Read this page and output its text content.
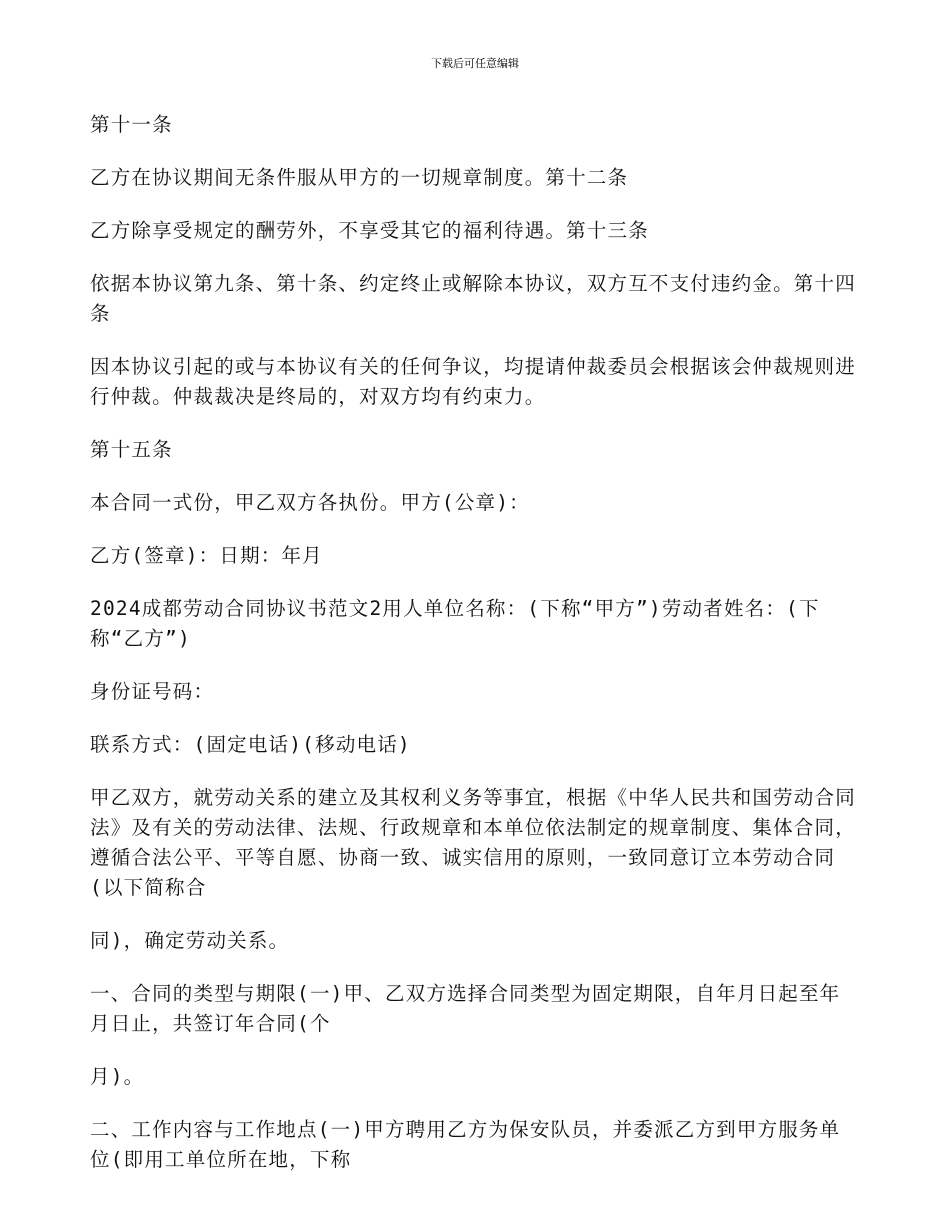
下载后可任意编辑

第十一条

乙方在协议期间无条件服从甲方的一切规章制度。第十二条

乙方除享受规定的酬劳外，不享受其它的福利待遇。第十三条

依据本协议第九条、第十条、约定终止或解除本协议，双方互不支付违约金。第十四条

因本协议引起的或与本协议有关的任何争议，均提请仲裁委员会根据该会仲裁规则进行仲裁。仲裁裁决是终局的，对双方均有约束力。

第十五条

本合同一式份，甲乙双方各执份。甲方(公章)：

乙方(签章)：日期：年月

2024成都劳动合同协议书范文2用人单位名称：(下称“甲方”)劳动者姓名：(下称“乙方”)

身份证号码：

联系方式：(固定电话)(移动电话)

甲乙双方，就劳动关系的建立及其权利义务等事宜，根据《中华人民共和国劳动合同法》及有关的劳动法律、法规、行政规章和本单位依法制定的规章制度、集体合同，遵循合法公平、平等自愿、协商一致、诚实信用的原则，一致同意订立本劳动合同(以下简称合

同)，确定劳动关系。

一、合同的类型与期限(一)甲、乙双方选择合同类型为固定期限，自年月日起至年月日止，共签订年合同(个

月)。

二、工作内容与工作地点(一)甲方聘用乙方为保安队员，并委派乙方到甲方服务单位(即用工单位所在地，下称
